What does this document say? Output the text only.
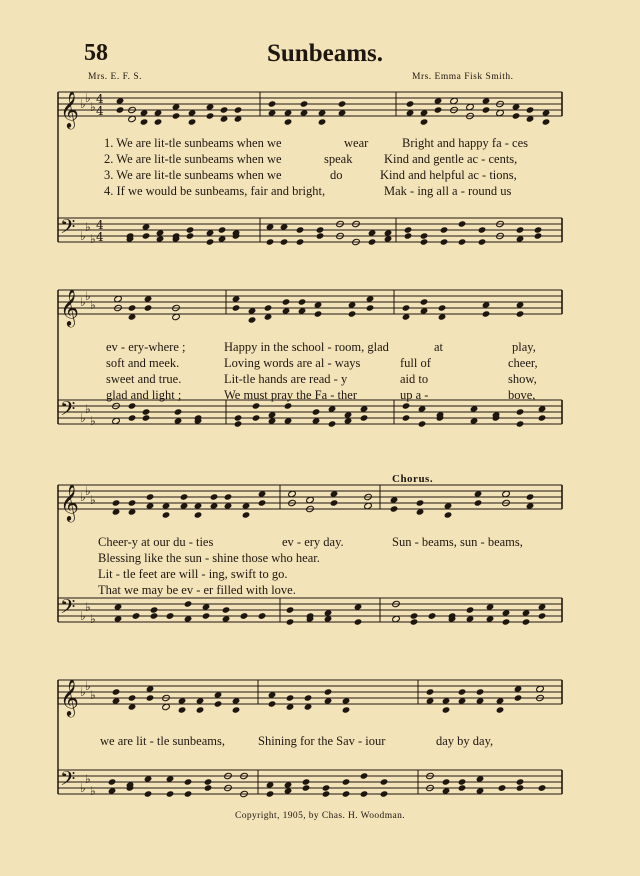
58	Sunbeams.
Mrs. E. F. S.	Mrs. Emma Fisk Smith.
𝄞 ♭ ♭
♭
𝄢 ♭
♭
♭
4
4
4
4
𝄞 ♭ ♭
♭
𝄢 ♭
♭
♭
𝄞 ♭ ♭
♭
𝄢 ♭
♭
♭
𝄞 ♭ ♭
♭
𝄢 ♭
♭
♭
1. We are lit-tle sunbeams when we	wear	Bright and happy fa - ces
2. We are lit-tle sunbeams when we	speak	Kind and gentle ac - cents,
3. We are lit-tle sunbeams when we	do	Kind and helpful ac - tions,
4. If we would be sunbeams, fair and bright,	Mak - ing all a - round us
ev - ery-where ;	Happy in the school - room, glad	at	play,
soft and meek.	Loving words are al - ways	full of	cheer,
sweet and true.	Lit-tle hands are read - y	aid to	show,
glad and light ;	We must pray the Fa - ther	up a -	bove,
Chorus.
Cheer-y at our du - ties	ev - ery day.	Sun - beams, sun - beams,
Blessing like the sun - shine those who hear.
Lit - tle feet are will - ing, swift to go.
That we may be ev - er filled with love.
we are lit - tle sunbeams,	Shining for the Sav - iour	day by day,
Copyright, 1905, by Chas. H. Woodman.
